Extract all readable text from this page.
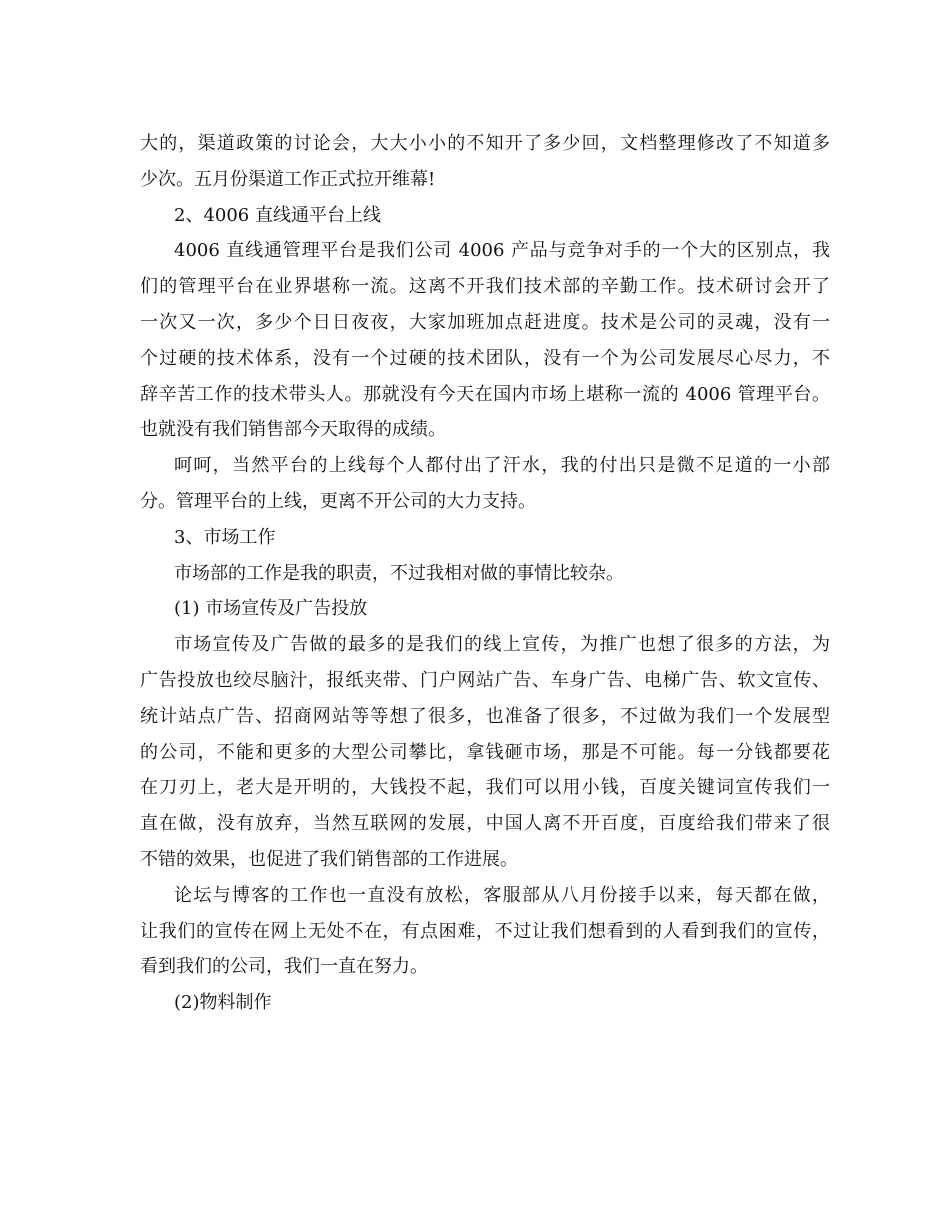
大的，渠道政策的讨论会，大大小小的不知开了多少回，文档整理修改了不知道多
少次。五月份渠道工作正式拉开维幕!
2、4006 直线通平台上线
4006 直线通管理平台是我们公司 4006 产品与竞争对手的一个大的区别点，我
们的管理平台在业界堪称一流。这离不开我们技术部的辛勤工作。技术研讨会开了
一次又一次，多少个日日夜夜，大家加班加点赶进度。技术是公司的灵魂，没有一
个过硬的技术体系，没有一个过硬的技术团队，没有一个为公司发展尽心尽力，不
辞辛苦工作的技术带头人。那就没有今天在国内市场上堪称一流的 4006 管理平台。
也就没有我们销售部今天取得的成绩。
呵呵，当然平台的上线每个人都付出了汗水，我的付出只是微不足道的一小部
分。管理平台的上线，更离不开公司的大力支持。
3、市场工作
市场部的工作是我的职责，不过我相对做的事情比较杂。
(1) 市场宣传及广告投放
市场宣传及广告做的最多的是我们的线上宣传，为推广也想了很多的方法，为
广告投放也绞尽脑汁，报纸夹带、门户网站广告、车身广告、电梯广告、软文宣传、
统计站点广告、招商网站等等想了很多，也准备了很多，不过做为我们一个发展型
的公司，不能和更多的大型公司攀比，拿钱砸市场，那是不可能。每一分钱都要花
在刀刃上，老大是开明的，大钱投不起，我们可以用小钱，百度关键词宣传我们一
直在做，没有放弃，当然互联网的发展，中国人离不开百度，百度给我们带来了很
不错的效果，也促进了我们销售部的工作进展。
论坛与博客的工作也一直没有放松，客服部从八月份接手以来，每天都在做，
让我们的宣传在网上无处不在，有点困难，不过让我们想看到的人看到我们的宣传，
看到我们的公司，我们一直在努力。
(2)物料制作
